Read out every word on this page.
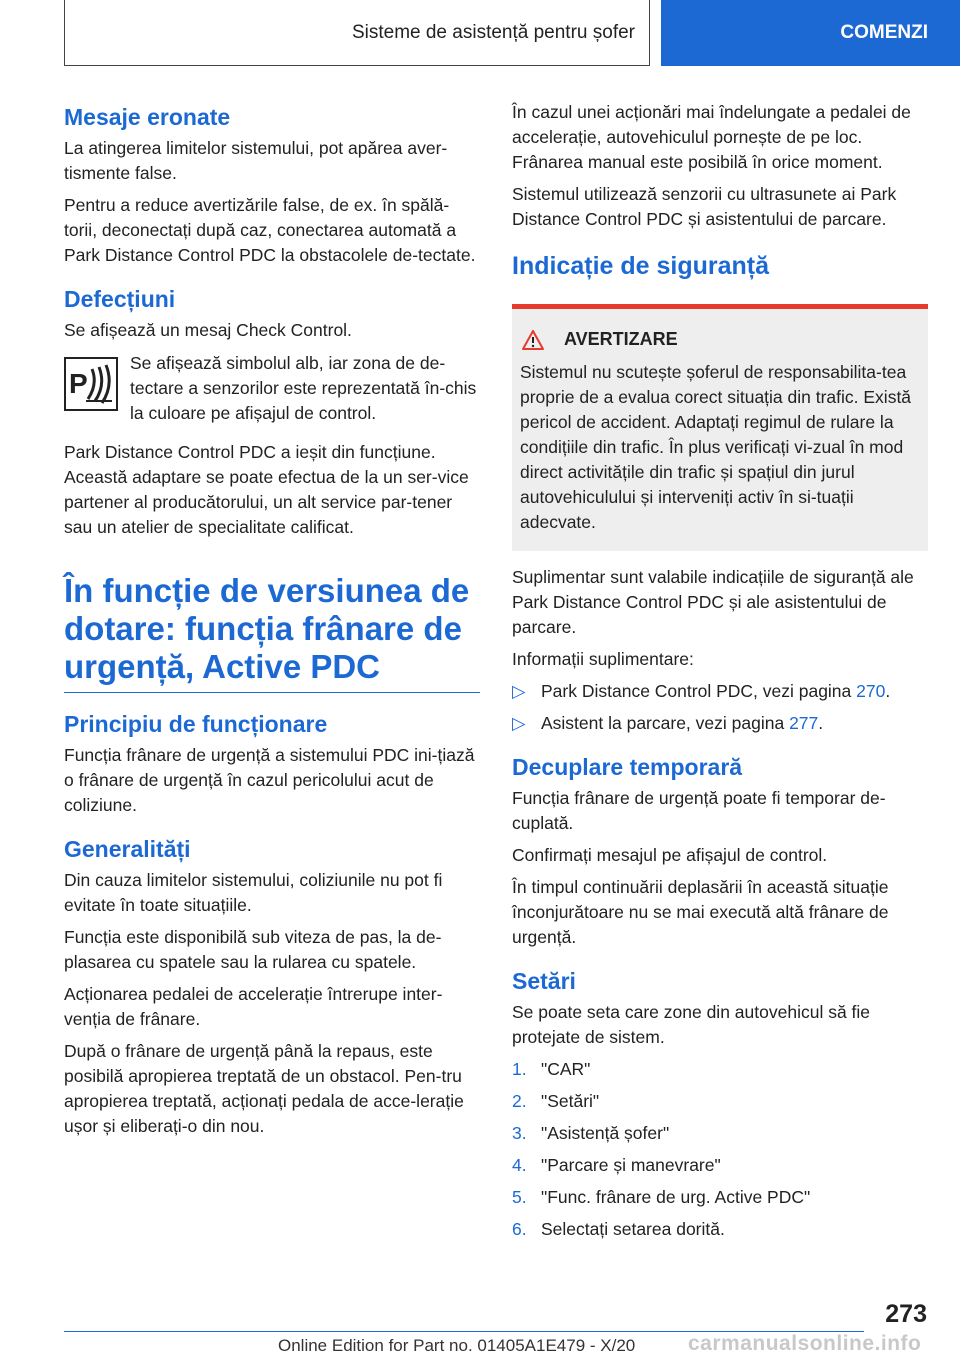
Sisteme de asistență pentru șofer	COMENZI
Mesaje eronate

La atingerea limitelor sistemului, pot apărea aver-tismente false.

Pentru a reduce avertizările false, de ex. în spălă-torii, deconectați după caz, conectarea automată a Park Distance Control PDC la obstacolele de-tectate.

Defecțiuni

Se afișează un mesaj Check Control.

P
Se afișează simbolul alb, iar zona de de-tectare a senzorilor este reprezentată în-chis la culoare pe afișajul de control.

Park Distance Control PDC a ieșit din funcțiune. Această adaptare se poate efectua de la un ser-vice partener al producătorului, un alt service par-tener sau un atelier de specialitate calificat.

În funcție de versiunea de dotare: funcția frânare de urgență, Active PDC
Principiu de funcționare

Funcția frânare de urgență a sistemului PDC ini-țiază o frânare de urgență în cazul pericolului acut de coliziune.

Generalități

Din cauza limitelor sistemului, coliziunile nu pot fi evitate în toate situațiile.

Funcția este disponibilă sub viteza de pas, la de-plasarea cu spatele sau la rularea cu spatele.

Acționarea pedalei de accelerație întrerupe inter-venția de frânare.

După o frânare de urgență până la repaus, este posibilă apropierea treptată de un obstacol. Pen-tru apropierea treptată, acționați pedala de acce-lerație ușor și eliberați-o din nou.

În cazul unei acționări mai îndelungate a pedalei de accelerație, autovehiculul pornește de pe loc. Frânarea manual este posibilă în orice moment.

Sistemul utilizează senzorii cu ultrasunete ai Park Distance Control PDC și asistentului de parcare.

Indicație de siguranță
AVERTIZARE
Sistemul nu scutește șoferul de responsabilita-tea proprie de a evalua corect situația din trafic. Există pericol de accident. Adaptați regimul de rulare la condițiile din trafic. În plus verificați vi-zual în mod direct activitățile din trafic și spațiul din jurul autovehiculului și interveniți activ în si-tuații adecvate.

Suplimentar sunt valabile indicațiile de siguranță ale Park Distance Control PDC și ale asistentului de parcare.

Informații suplimentare:

▷ Park Distance Control PDC, vezi pagina 270.
▷ Asistent la parcare, vezi pagina 277.
Decuplare temporară

Funcția frânare de urgență poate fi temporar de-cuplată.

Confirmați mesajul pe afișajul de control.

În timpul continuării deplasării în această situație înconjurătoare nu se mai execută altă frânare de urgență.

Setări

Se poate seta care zone din autovehicul să fie protejate de sistem.

1. "CAR"
2. "Setări"
3. "Asistență șofer"
4. "Parcare și manevrare"
5. "Func. frânare de urg. Active PDC"
6. Selectați setarea dorită.
273
Online Edition for Part no. 01405A1E479 - X/20	carmanualsonline.info
